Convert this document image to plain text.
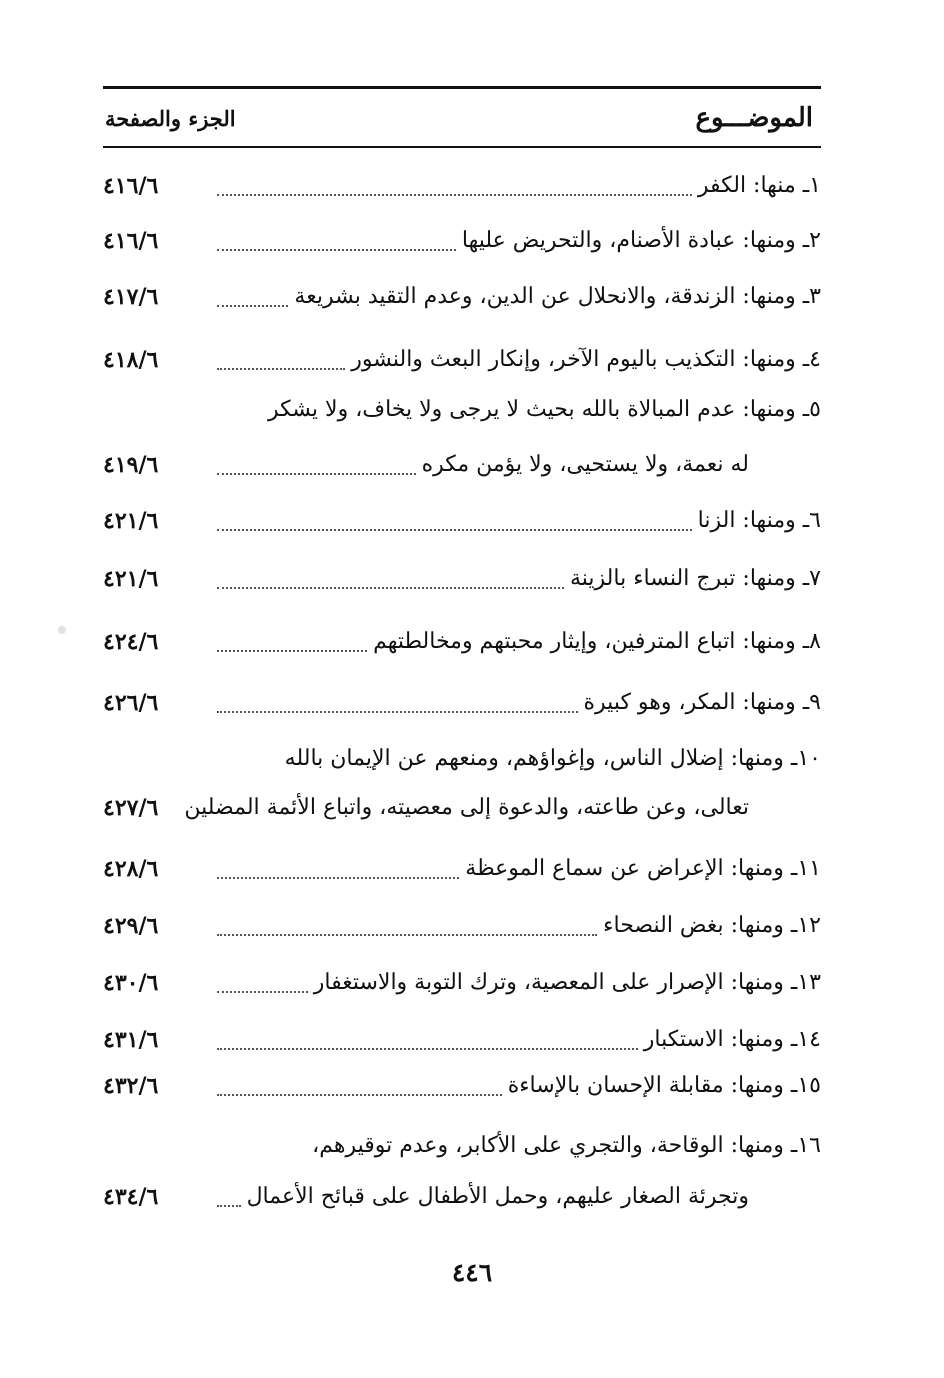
الموضـــوع
الجزء والصفحة
١ـ منها: الكفر
٤١٦/٦
٢ـ ومنها: عبادة الأصنام، والتحريض عليها
٤١٦/٦
٣ـ ومنها: الزندقة، والانحلال عن الدين، وعدم التقيد بشريعة
٤١٧/٦
٤ـ ومنها: التكذيب باليوم الآخر، وإنكار البعث والنشور
٤١٨/٦
٥ـ ومنها: عدم المبالاة بالله بحيث لا يرجى ولا يخاف، ولا يشكر
له نعمة، ولا يستحيى، ولا يؤمن مكره
٤١٩/٦
٦ـ ومنها: الزنا
٤٢١/٦
٧ـ ومنها: تبرج النساء بالزينة
٤٢١/٦
٨ـ ومنها: اتباع المترفين، وإيثار محبتهم ومخالطتهم
٤٢٤/٦
٩ـ ومنها: المكر، وهو كبيرة
٤٢٦/٦
١٠ـ ومنها: إضلال الناس، وإغواؤهم، ومنعهم عن الإيمان بالله
تعالى، وعن طاعته، والدعوة إلى معصيته، واتباع الأئمة المضلين
٤٢٧/٦
١١ـ ومنها: الإعراض عن سماع الموعظة
٤٢٨/٦
١٢ـ ومنها: بغض النصحاء
٤٢٩/٦
١٣ـ ومنها: الإصرار على المعصية، وترك التوبة والاستغفار
٤٣٠/٦
١٤ـ ومنها: الاستكبار
٤٣١/٦
١٥ـ ومنها: مقابلة الإحسان بالإساءة
٤٣٢/٦
١٦ـ ومنها: الوقاحة، والتجري على الأكابر، وعدم توقيرهم،
وتجرئة الصغار عليهم، وحمل الأطفال على قبائح الأعمال
٤٣٤/٦
٤٤٦
